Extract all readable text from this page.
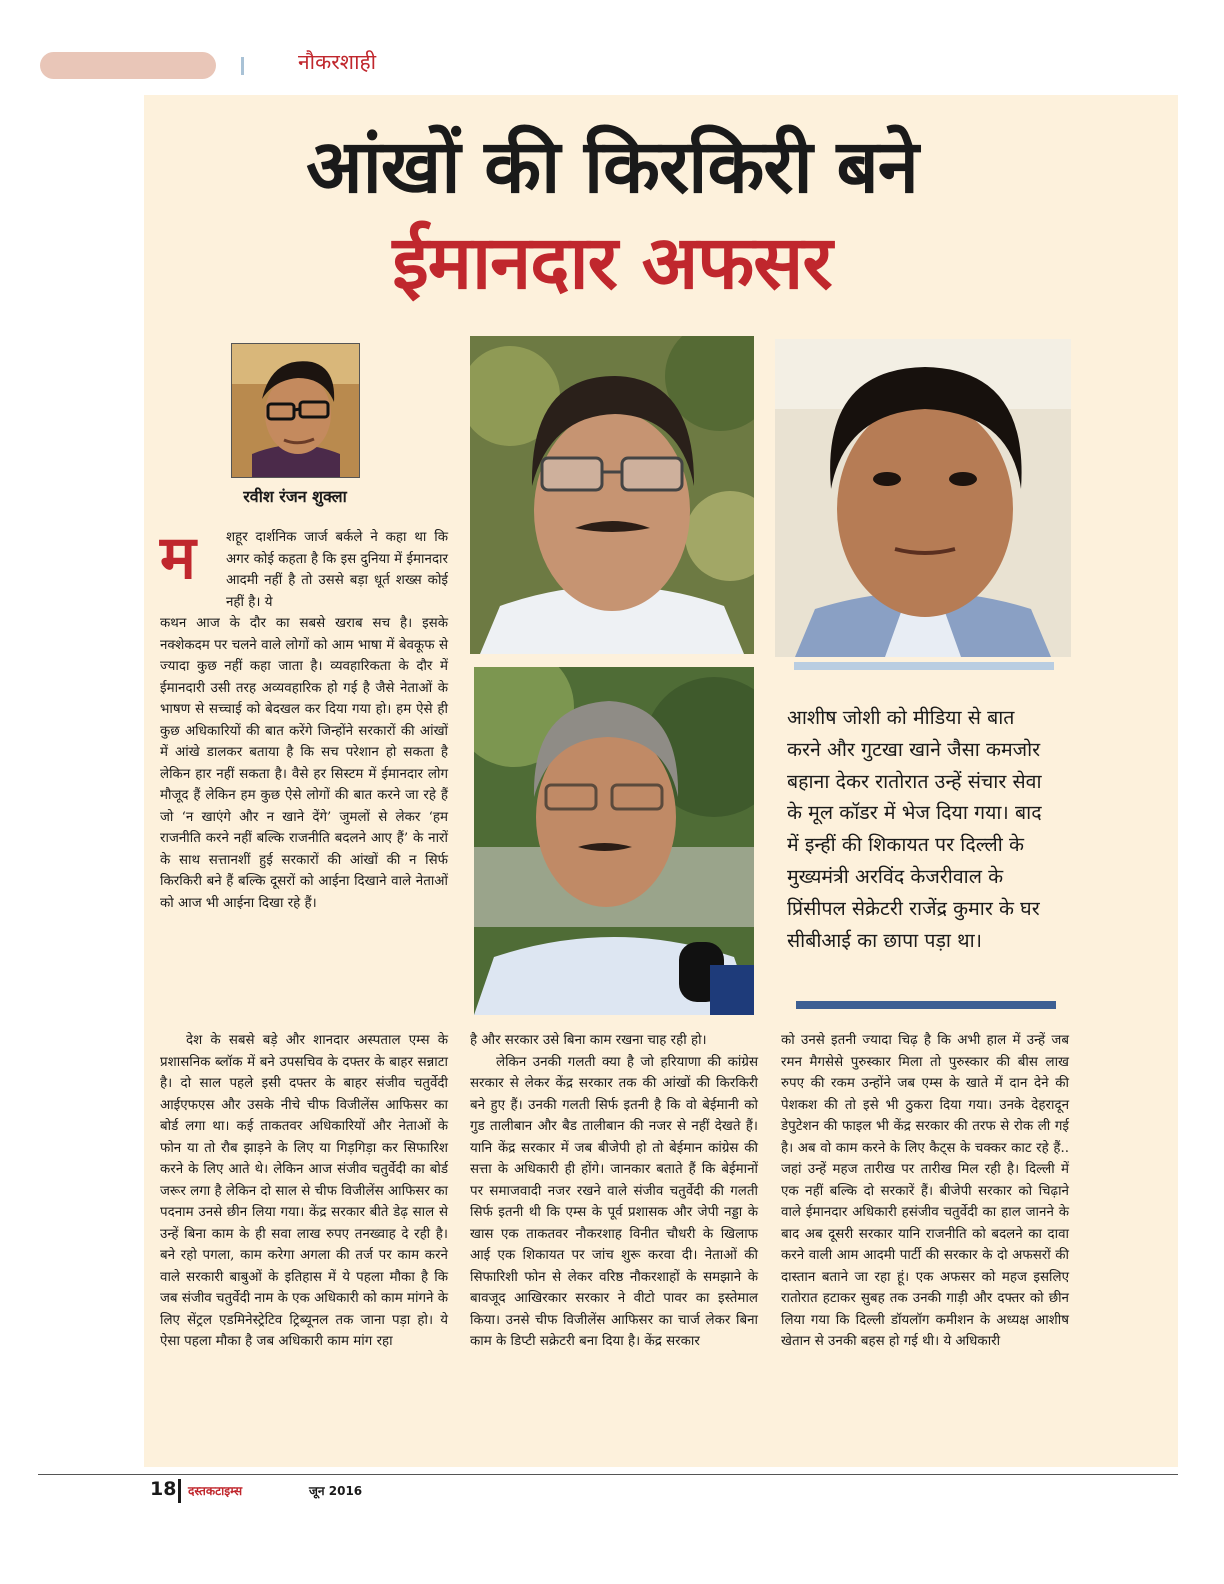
नौकरशाही
आंखों की किरकिरी बने
ईमानदार अफसर
रवीश रंजन शुक्ला
आशीष जोशी को मीडिया से बात करने और गुटखा खाने जैसा कमजोर बहाना देकर रातोरात उन्हें संचार सेवा के मूल कॉडर में भेज दिया गया। बाद में इन्हीं की शिकायत पर दिल्ली के मुख्यमंत्री अरविंद केजरीवाल के प्रिंसीपल सेक्रेटरी राजेंद्र कुमार के घर सीबीआई का छापा पड़ा था।
म शहूर दार्शनिक जार्ज बर्कले ने कहा था कि अगर कोई कहता है कि इस दुनिया में ईमानदार आदमी नहीं है तो उससे बड़ा धूर्त शख्स कोई नहीं है। ये

कथन आज के दौर का सबसे खराब सच है। इसके नक्शेकदम पर चलने वाले लोगों को आम भाषा में बेवकूफ से ज्यादा कुछ नहीं कहा जाता है। व्यवहारिकता के दौर में ईमानदारी उसी तरह अव्यवहारिक हो गई है जैसे नेताओं के भाषण से सच्चाई को बेदखल कर दिया गया हो। हम ऐसे ही कुछ अधिकारियों की बात करेंगे जिन्होंने सरकारों की आंखों में आंखे डालकर बताया है कि सच परेशान हो सकता है लेकिन हार नहीं सकता है। वैसे हर सिस्टम में ईमानदार लोग मौजूद हैं लेकिन हम कुछ ऐसे लोगों की बात करने जा रहे हैं जो ‘न खाएंगे और न खाने देंगे’ जुमलों से लेकर ‘हम राजनीति करने नहीं बल्कि राजनीति बदलने आए हैं’ के नारों के साथ सत्तानशीं हुई सरकारों की आंखों की न सिर्फ किरकिरी बने हैं बल्कि दूसरों को आईना दिखाने वाले नेताओं को आज भी आईना दिखा रहे हैं।

देश के सबसे बड़े और शानदार अस्पताल एम्स के प्रशासनिक ब्लॉक में बने उपसचिव के दफ्तर के बाहर सन्नाटा है। दो साल पहले इसी दफ्तर के बाहर संजीव चतुर्वेदी आईएफएस और उसके नीचे चीफ विजीलेंस आफिसर का बोर्ड लगा था। कई ताकतवर अधिकारियों और नेताओं के फोन या तो रौब झाड़ने के लिए या गिड़गिड़ा कर सिफारिश करने के लिए आते थे। लेकिन आज संजीव चतुर्वेदी का बोर्ड जरूर लगा है लेकिन दो साल से चीफ विजीलेंस आफिसर का पदनाम उनसे छीन लिया गया। केंद्र सरकार बीते डेढ़ साल से उन्हें बिना काम के ही सवा लाख रुपए तनख्वाह दे रही है। बने रहो पगला, काम करेगा अगला की तर्ज पर काम करने वाले सरकारी बाबुओं के इतिहास में ये पहला मौका है कि जब संजीव चतुर्वेदी नाम के एक अधिकारी को काम मांगने के लिए सेंट्रल एडमिनेस्ट्रेटिव ट्रिब्यूनल तक जाना पड़ा हो। ये ऐसा पहला मौका है जब अधिकारी काम मांग रहा

है और सरकार उसे बिना काम रखना चाह रही हो।

लेकिन उनकी गलती क्या है जो हरियाणा की कांग्रेस सरकार से लेकर केंद्र सरकार तक की आंखों की किरकिरी बने हुए हैं। उनकी गलती सिर्फ इतनी है कि वो बेईमानी को गुड तालीबान और बैड तालीबान की नजर से नहीं देखते हैं। यानि केंद्र सरकार में जब बीजेपी हो तो बेईमान कांग्रेस की सत्ता के अधिकारी ही होंगे। जानकार बताते हैं कि बेईमानों पर समाजवादी नजर रखने वाले संजीव चतुर्वेदी की गलती सिर्फ इतनी थी कि एम्स के पूर्व प्रशासक और जेपी नड्डा के खास एक ताकतवर नौकरशाह विनीत चौधरी के खिलाफ आई एक शिकायत पर जांच शुरू करवा दी। नेताओं की सिफारिशी फोन से लेकर वरिष्ठ नौकरशाहों के समझाने के बावजूद आखिरकार सरकार ने वीटो पावर का इस्तेमाल किया। उनसे चीफ विजीलेंस आफिसर का चार्ज लेकर बिना काम के डिप्टी सक्रेटरी बना दिया है। केंद्र सरकार

को उनसे इतनी ज्यादा चिढ़ है कि अभी हाल में उन्हें जब रमन मैगसेसे पुरुस्कार मिला तो पुरुस्कार की बीस लाख रुपए की रकम उन्होंने जब एम्स के खाते में दान देने की पेशकश की तो इसे भी ठुकरा दिया गया। उनके देहरादून डेपुटेशन की फाइल भी केंद्र सरकार की तरफ से रोक ली गई है। अब वो काम करने के लिए कैट्स के चक्कर काट रहे हैं.. जहां उन्हें महज तारीख पर तारीख मिल रही है। दिल्ली में एक नहीं बल्कि दो सरकारें हैं। बीजेपी सरकार को चिढ़ाने वाले ईमानदार अधिकारी हसंजीव चतुर्वेदी का हाल जानने के बाद अब दूसरी सरकार यानि राजनीति को बदलने का दावा करने वाली आम आदमी पार्टी की सरकार के दो अफसरों की दास्तान बताने जा रहा हूं। एक अफसर को महज इसलिए रातोरात हटाकर सुबह तक उनकी गाड़ी और दफ्तर को छीन लिया गया कि दिल्ली डॉयलॉग कमीशन के अध्यक्ष आशीष खेतान से उनकी बहस हो गई थी। ये अधिकारी

18 दस्तकटाइम्स	जून 2016
